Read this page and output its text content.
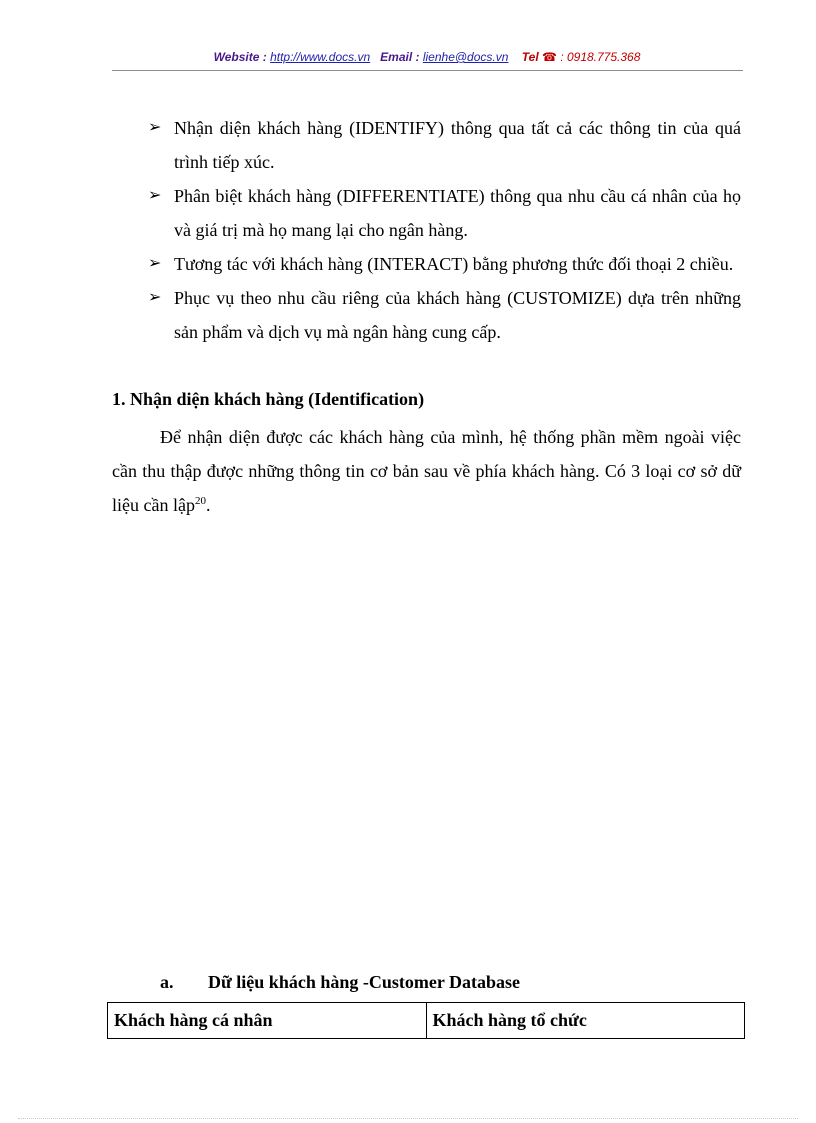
Website : http://www.docs.vn Email : lienhe@docs.vn Tel ☎ : 0918.775.368
➢ Nhận diện khách hàng (IDENTIFY) thông qua tất cả các thông tin của quá trình tiếp xúc.
➢ Phân biệt khách hàng (DIFFERENTIATE) thông qua nhu cầu cá nhân của họ và giá trị mà họ mang lại cho ngân hàng.
➢ Tương tác với khách hàng (INTERACT) bằng phương thức đối thoại 2 chiều.
➢ Phục vụ theo nhu cầu riêng của khách hàng (CUSTOMIZE) dựa trên những sản phẩm và dịch vụ mà ngân hàng cung cấp.
1. Nhận diện khách hàng (Identification)
Để nhận diện được các khách hàng của mình, hệ thống phần mềm ngoài việc cần thu thập được những thông tin cơ bản sau về phía khách hàng. Có 3 loại cơ sở dữ liệu cần lập$^{20}$.
a.	Dữ liệu khách hàng -Customer Database
Khách hàng cá nhân	Khách hàng tổ chức
